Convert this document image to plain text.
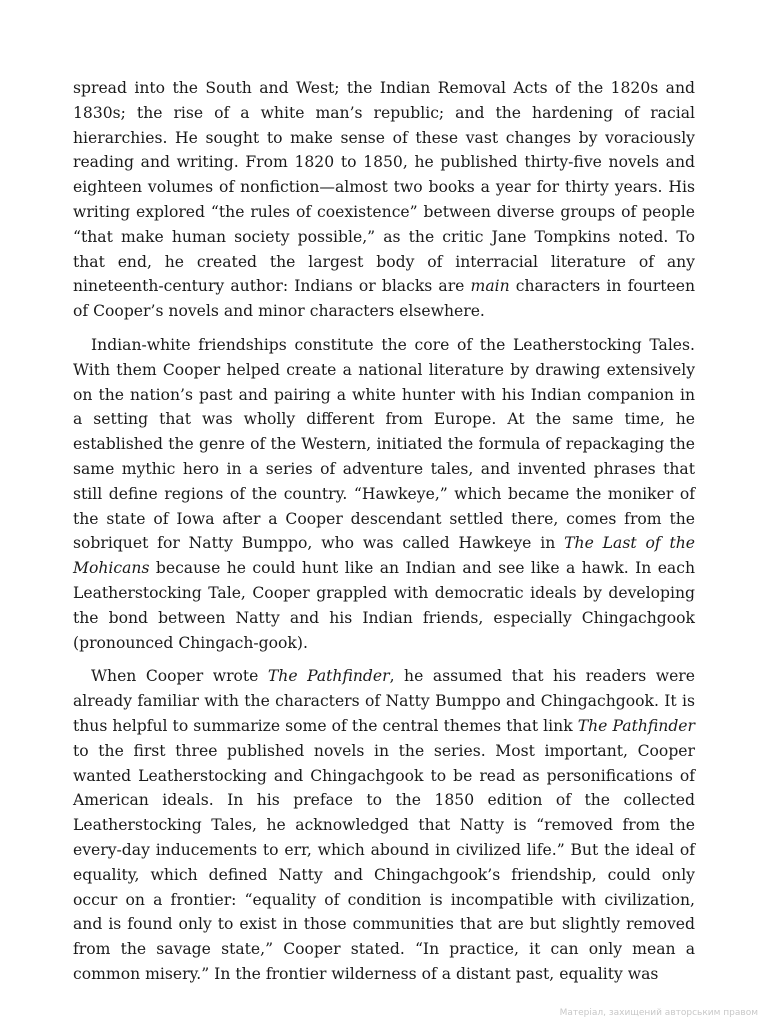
spread into the South and West; the Indian Removal Acts of the 1820s and 1830s; the rise of a white man’s republic; and the hardening of racial hierarchies. He sought to make sense of these vast changes by voraciously reading and writing. From 1820 to 1850, he published thirty-five novels and eighteen volumes of nonfiction—almost two books a year for thirty years. His writing explored “the rules of coexistence” between diverse groups of people “that make human society possible,” as the critic Jane Tompkins noted. To that end, he created the largest body of interracial literature of any nineteenth-century author: Indians or blacks are main characters in fourteen of Cooper’s novels and minor characters elsewhere.

Indian-white friendships constitute the core of the Leatherstocking Tales. With them Cooper helped create a national literature by drawing extensively on the nation’s past and pairing a white hunter with his Indian companion in a setting that was wholly different from Europe. At the same time, he established the genre of the Western, initiated the formula of repackaging the same mythic hero in a series of adventure tales, and invented phrases that still define regions of the country. “Hawkeye,” which became the moniker of the state of Iowa after a Cooper descendant settled there, comes from the sobriquet for Natty Bumppo, who was called Hawkeye in The Last of the Mohicans because he could hunt like an Indian and see like a hawk. In each Leatherstocking Tale, Cooper grappled with democratic ideals by developing the bond between Natty and his Indian friends, especially Chingachgook (pronounced Chingach-gook).

When Cooper wrote The Pathfinder, he assumed that his readers were already familiar with the characters of Natty Bumppo and Chingachgook. It is thus helpful to summarize some of the central themes that link The Pathfinder to the first three published novels in the series. Most important, Cooper wanted Leatherstocking and Chingachgook to be read as personifications of American ideals. In his preface to the 1850 edition of the collected Leatherstocking Tales, he acknowledged that Natty is “removed from the every-day inducements to err, which abound in civilized life.” But the ideal of equality, which defined Natty and Chingachgook’s friendship, could only occur on a frontier: “equality of condition is incompatible with civilization, and is found only to exist in those communities that are but slightly removed from the savage state,” Cooper stated. “In practice, it can only mean a common misery.” In the frontier wilderness of a distant past, equality was

Матеріал, захищений авторським правом
